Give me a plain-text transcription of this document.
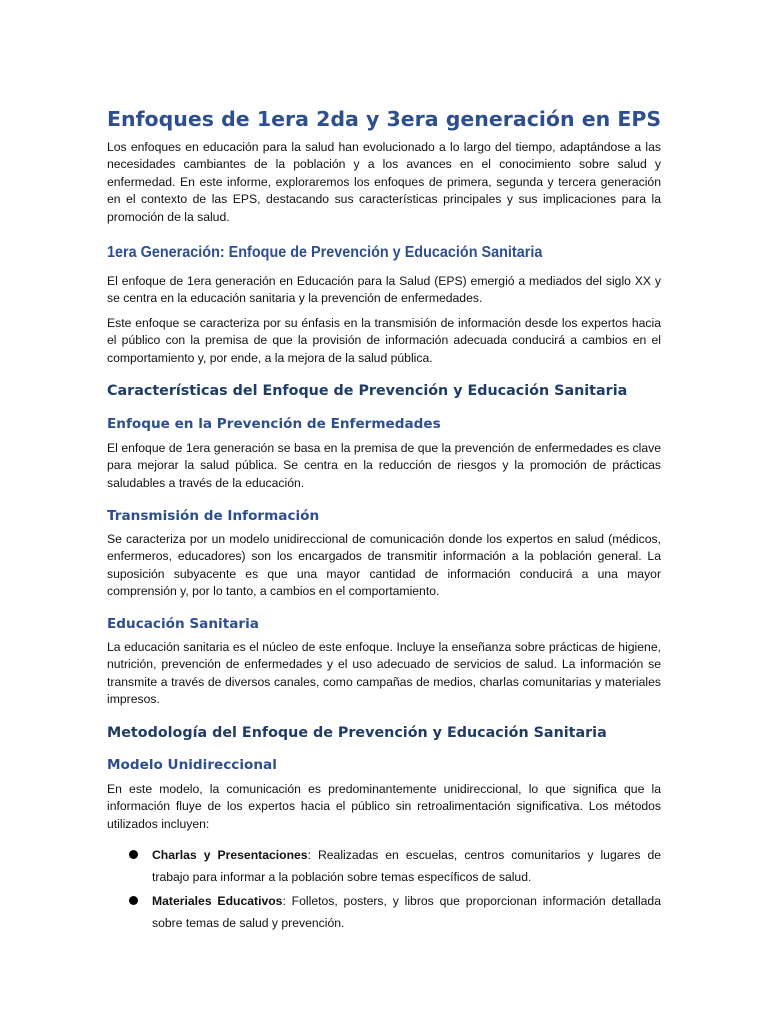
Enfoques de 1era 2da y 3era generación en EPS

Los enfoques en educación para la salud han evolucionado a lo largo del tiempo, adaptándose a las necesidades cambiantes de la población y a los avances en el conocimiento sobre salud y enfermedad. En este informe, exploraremos los enfoques de primera, segunda y tercera generación en el contexto de las EPS, destacando sus características principales y sus implicaciones para la promoción de la salud.

1era Generación: Enfoque de Prevención y Educación Sanitaria

El enfoque de 1era generación en Educación para la Salud (EPS) emergió a mediados del siglo XX y se centra en la educación sanitaria y la prevención de enfermedades.

Este enfoque se caracteriza por su énfasis en la transmisión de información desde los expertos hacia el público con la premisa de que la provisión de información adecuada conducirá a cambios en el comportamiento y, por ende, a la mejora de la salud pública.

Características del Enfoque de Prevención y Educación Sanitaria
Enfoque en la Prevención de Enfermedades

El enfoque de 1era generación se basa en la premisa de que la prevención de enfermedades es clave para mejorar la salud pública. Se centra en la reducción de riesgos y la promoción de prácticas saludables a través de la educación.

Transmisión de Información

Se caracteriza por un modelo unidireccional de comunicación donde los expertos en salud (médicos, enfermeros, educadores) son los encargados de transmitir información a la población general. La suposición subyacente es que una mayor cantidad de información conducirá a una mayor comprensión y, por lo tanto, a cambios en el comportamiento.

Educación Sanitaria

La educación sanitaria es el núcleo de este enfoque. Incluye la enseñanza sobre prácticas de higiene, nutrición, prevención de enfermedades y el uso adecuado de servicios de salud. La información se transmite a través de diversos canales, como campañas de medios, charlas comunitarias y materiales impresos.

Metodología del Enfoque de Prevención y Educación Sanitaria
Modelo Unidireccional

En este modelo, la comunicación es predominantemente unidireccional, lo que significa que la información fluye de los expertos hacia el público sin retroalimentación significativa. Los métodos utilizados incluyen:

Charlas y Presentaciones: Realizadas en escuelas, centros comunitarios y lugares de trabajo para informar a la población sobre temas específicos de salud.

Materiales Educativos: Folletos, posters, y libros que proporcionan información detallada sobre temas de salud y prevención.
